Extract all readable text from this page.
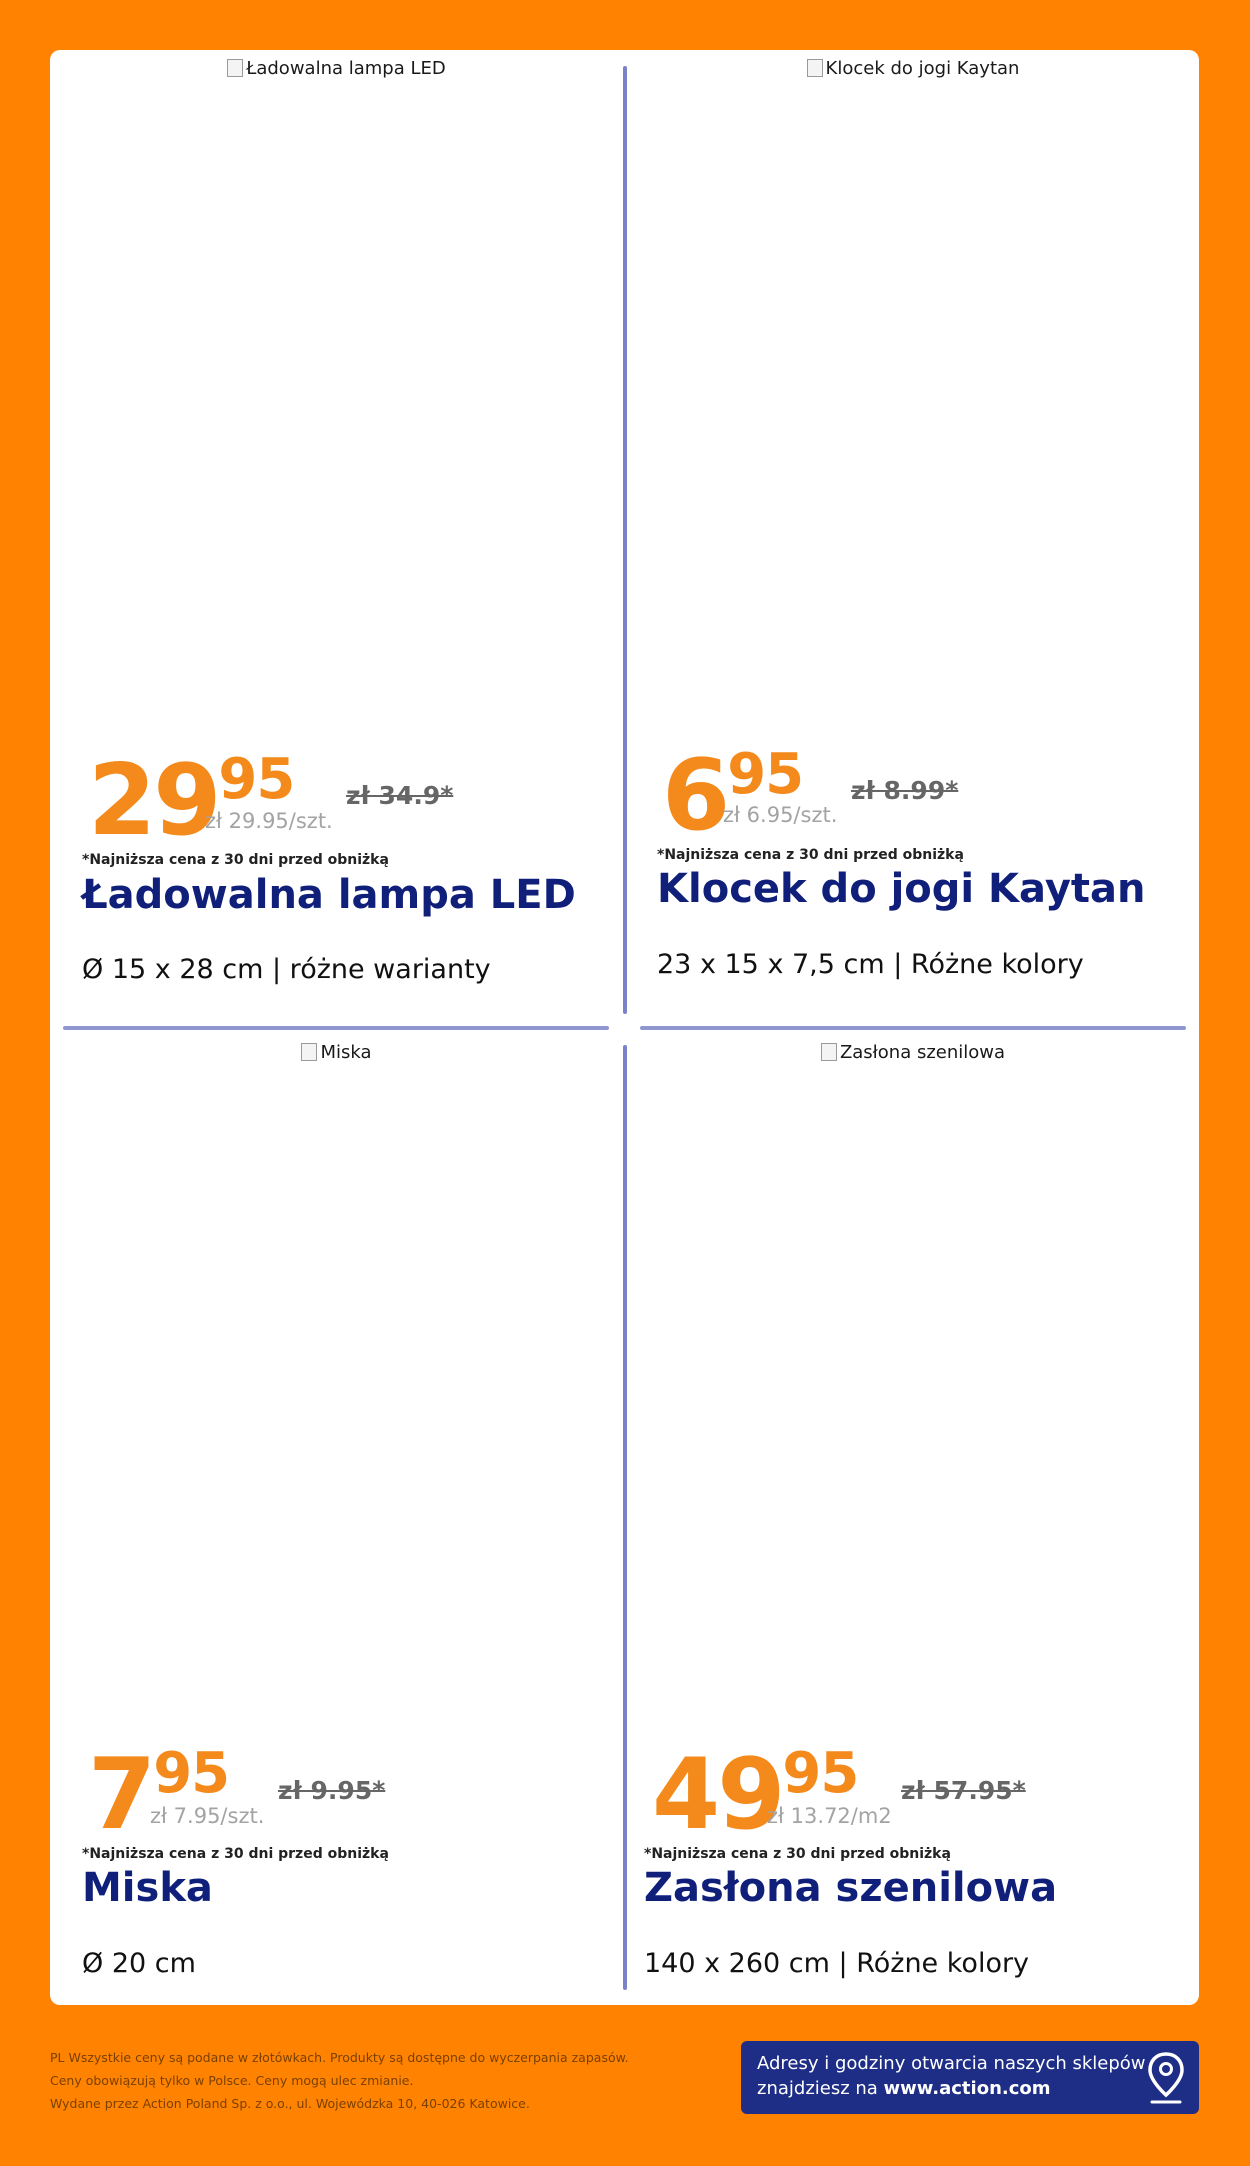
Ładowalna lampa LED
2995
zł 29.95/szt.
zł 34.9*
*Najniższa cena z 30 dni przed obniżką
Ładowalna lampa LED
Ø 15 x 28 cm | różne warianty
Klocek do jogi Kaytan
695
zł 6.95/szt.
zł 8.99*
*Najniższa cena z 30 dni przed obniżką
Klocek do jogi Kaytan
23 x 15 x 7,5 cm | Różne kolory
Miska
795
zł 7.95/szt.
zł 9.95*
*Najniższa cena z 30 dni przed obniżką
Miska
Ø 20 cm
Zasłona szenilowa
4995
zł 13.72/m2
zł 57.95*
*Najniższa cena z 30 dni przed obniżką
Zasłona szenilowa
140 x 260 cm | Różne kolory
PL Wszystkie ceny są podane w złotówkach. Produkty są dostępne do wyczerpania zapasów.
Ceny obowiązują tylko w Polsce. Ceny mogą ulec zmianie.
Wydane przez Action Poland Sp. z o.o., ul. Wojewódzka 10, 40-026 Katowice.
Adresy i godziny otwarcia naszych sklepów
znajdziesz na www.action.com
